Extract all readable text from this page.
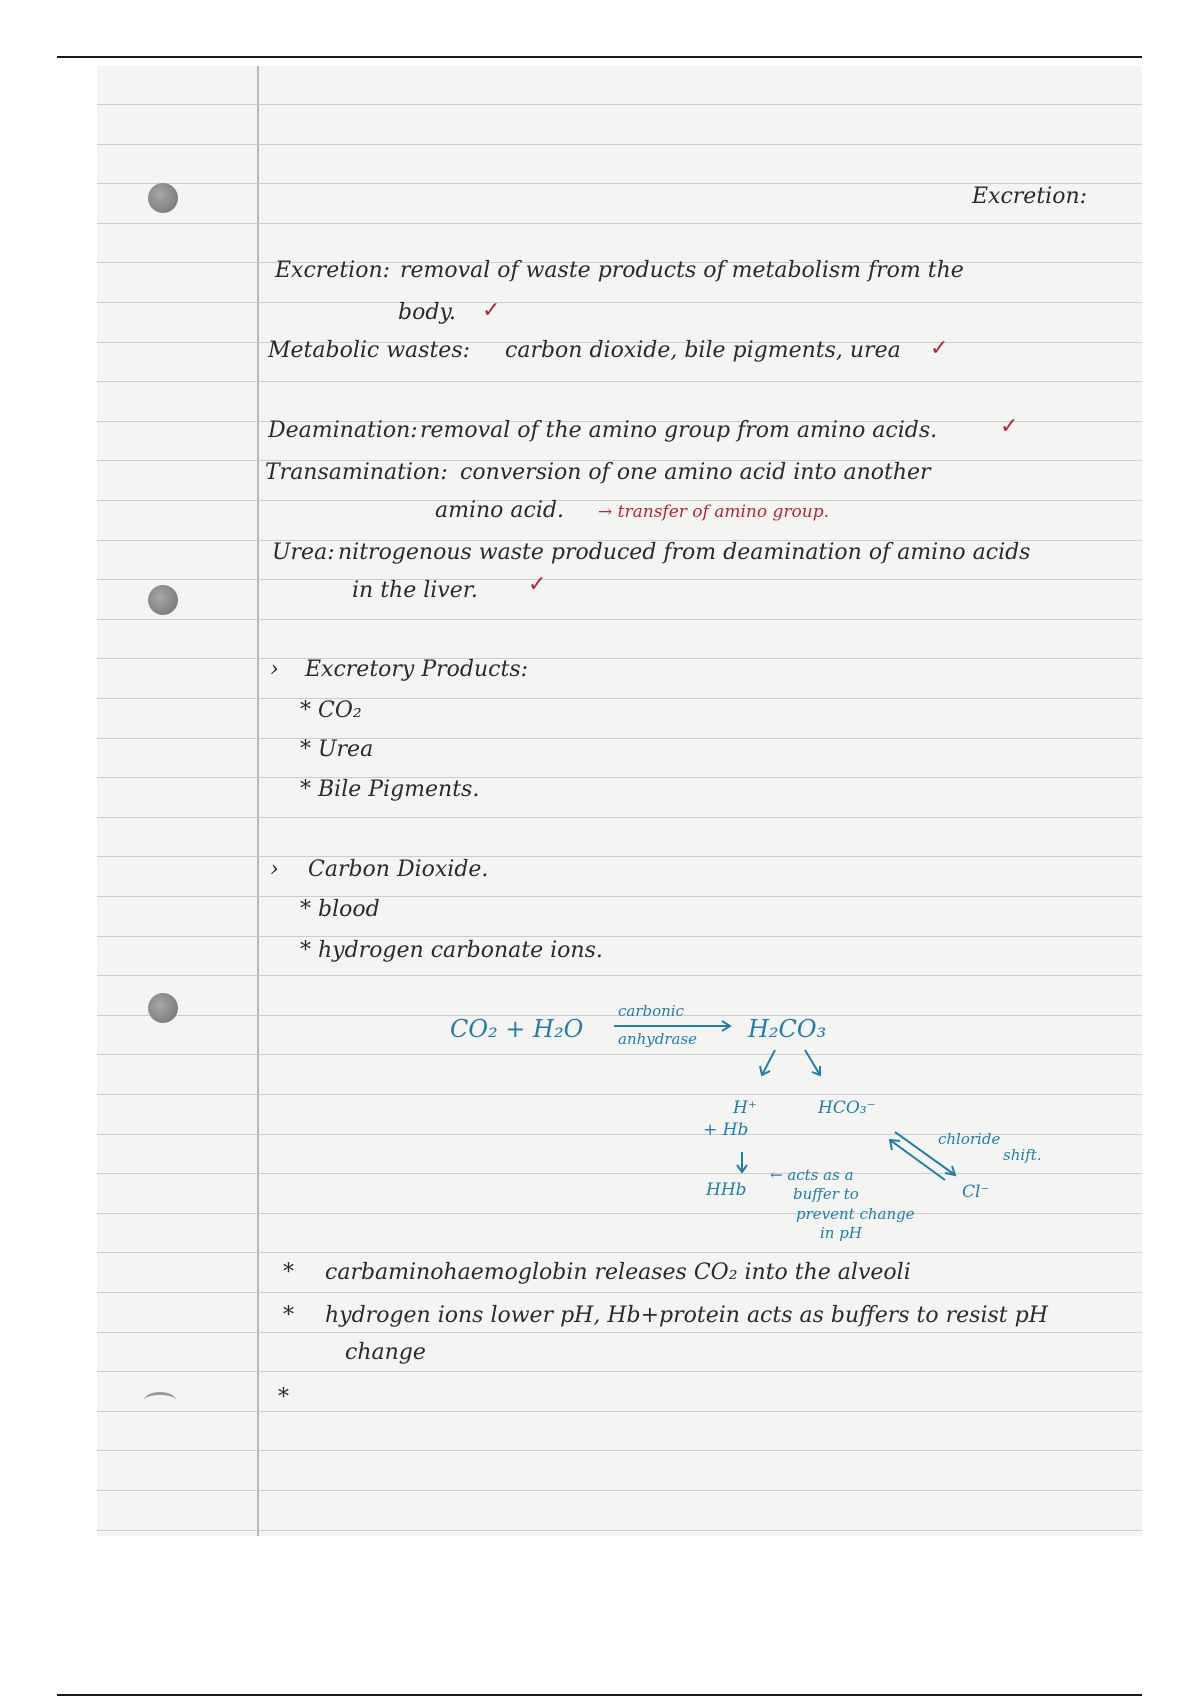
Excretion:
Excretion: removal of waste products of metabolism from the
body. ✓
Metabolic wastes: carbon dioxide, bile pigments, urea ✓
Deamination: removal of the amino group from amino acids.	✓
Transamination: conversion of one amino acid into another
amino acid. → transfer of amino group.
Urea: nitrogenous waste produced from deamination of amino acids
in the liver. ✓
› Excretory Products:
* CO₂
* Urea
* Bile Pigments.
› Carbon Dioxide.
* blood
* hydrogen carbonate ions.
CO₂ + H₂O
carbonic
anhydrase H₂CO₃
H⁺	HCO₃⁻
+ Hb
HHb
← acts as a
buffer to
prevent change
in pH
chloride
shift.
Cl⁻
* carbaminohaemoglobin releases CO₂ into the alveoli
* hydrogen ions lower pH, Hb+protein acts as buffers to resist pH
change
*
